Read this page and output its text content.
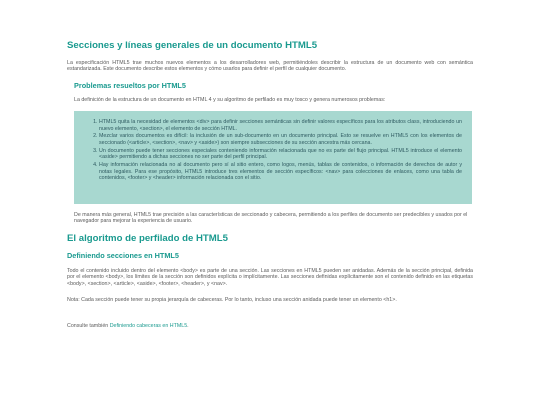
Secciones y líneas generales de un documento HTML5

La especificación HTML5 trae muchos nuevos elementos a los desarrolladores web, permitiéndoles describir la estructura de un documento web con semántica estandarizada. Este documento describe estos elementos y cómo usarlos para definir el perfil de cualquier documento.

Problemas resueltos por HTML5

La definición de la estructura de un documento en HTML 4 y su algoritmo de perfilado es muy tosco y genera numerosos problemas:

1. HTML5 quita la necesidad de elementos <div> para definir secciones semánticas sin definir valores específicos para los atributos class, introduciendo un nuevo elemento, <section>, el elemento de sección HTML.
2. Mezclar varios documentos es difícil: la inclusión de un sub-documento en un documento principal. Esto se resuelve en HTML5 con los elementos de seccionado (<article>, <section>, <nav> y <aside>) son siempre subsecciones de su sección ancestra más cercana.
3. Un documento puede tener secciones especiales conteniendo información relacionada que no es parte del flujo principal. HTML5 introduce el elemento <aside> permitiendo a dichas secciones no ser parte del perfil principal.
4. Hay información relacionada no al documento pero sí al sitio entero, como logos, menús, tablas de contenidos, o información de derechos de autor y notas legales. Para ese propósito, HTML5 introduce tres elementos de sección específicos: <nav> para colecciones de enlaces, como una tabla de contenidos, <footer> y <header> información relacionada con el sitio.

De manera más general, HTML5 trae precisión a las características de seccionado y cabecera, permitiendo a los perfiles de documento ser predecibles y usados por el navegador para mejorar la experiencia de usuario.

El algoritmo de perfilado de HTML5
Definiendo secciones en HTML5

Todo el contenido incluido dentro del elemento <body> es parte de una sección. Las secciones en HTML5 pueden ser anidadas. Además de la sección principal, definida por el elemento <body>, los límites de la sección son definidos explícita o implícitamente. Las secciones definidas explícitamente son el contenido definido en las etiquetas <body>, <section>, <article>, <aside>, <footer>, <header>, y <nav>.

Nota: Cada sección puede tener su propia jerarquía de cabeceras. Por lo tanto, incluso una sección anidada puede tener un elemento <h1>.

Consulte también Definiendo cabeceras en HTML5.
